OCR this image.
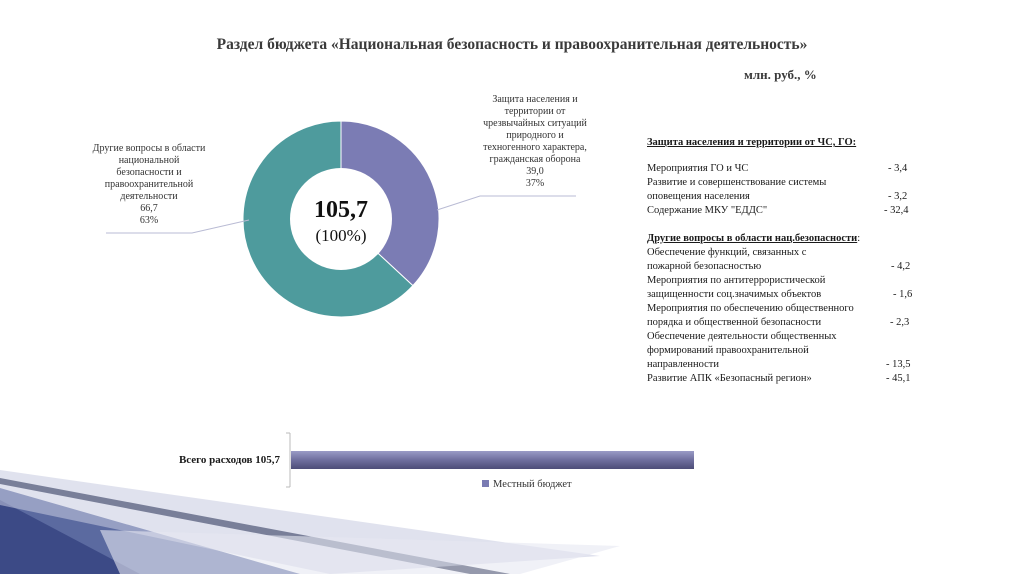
Раздел бюджета «Национальная безопасность и правоохранительная деятельность»
млн. руб., %
105,7
(100%)
Защита населения и
территории от
чрезвычайных ситуаций
природного и
техногенного характера,
гражданская оборона
39,0
37%
Другие вопросы в области
национальной
безопасности и
правоохранительной
деятельности
66,7
63%
Защита населения и территории от ЧС, ГО:
Мероприятия ГО и ЧС	- 3,4
Развитие и совершенствование системы
оповещения населения	- 3,2
Содержание МКУ "ЕДДС"	- 32,4
Другие вопросы в области нац.безопасности:
Обеспечение функций, связанных с
пожарной безопасностью	- 4,2
Мероприятия по антитеррористической
защищенности соц.значимых объектов	- 1,6
Мероприятия по обеспечению общественного
порядка и общественной безопасности	- 2,3
Обеспечение деятельности общественных
формирований правоохранительной
направленности	- 13,5
Развитие АПК «Безопасный регион»	- 45,1
Всего расходов 105,7
Местный бюджет
